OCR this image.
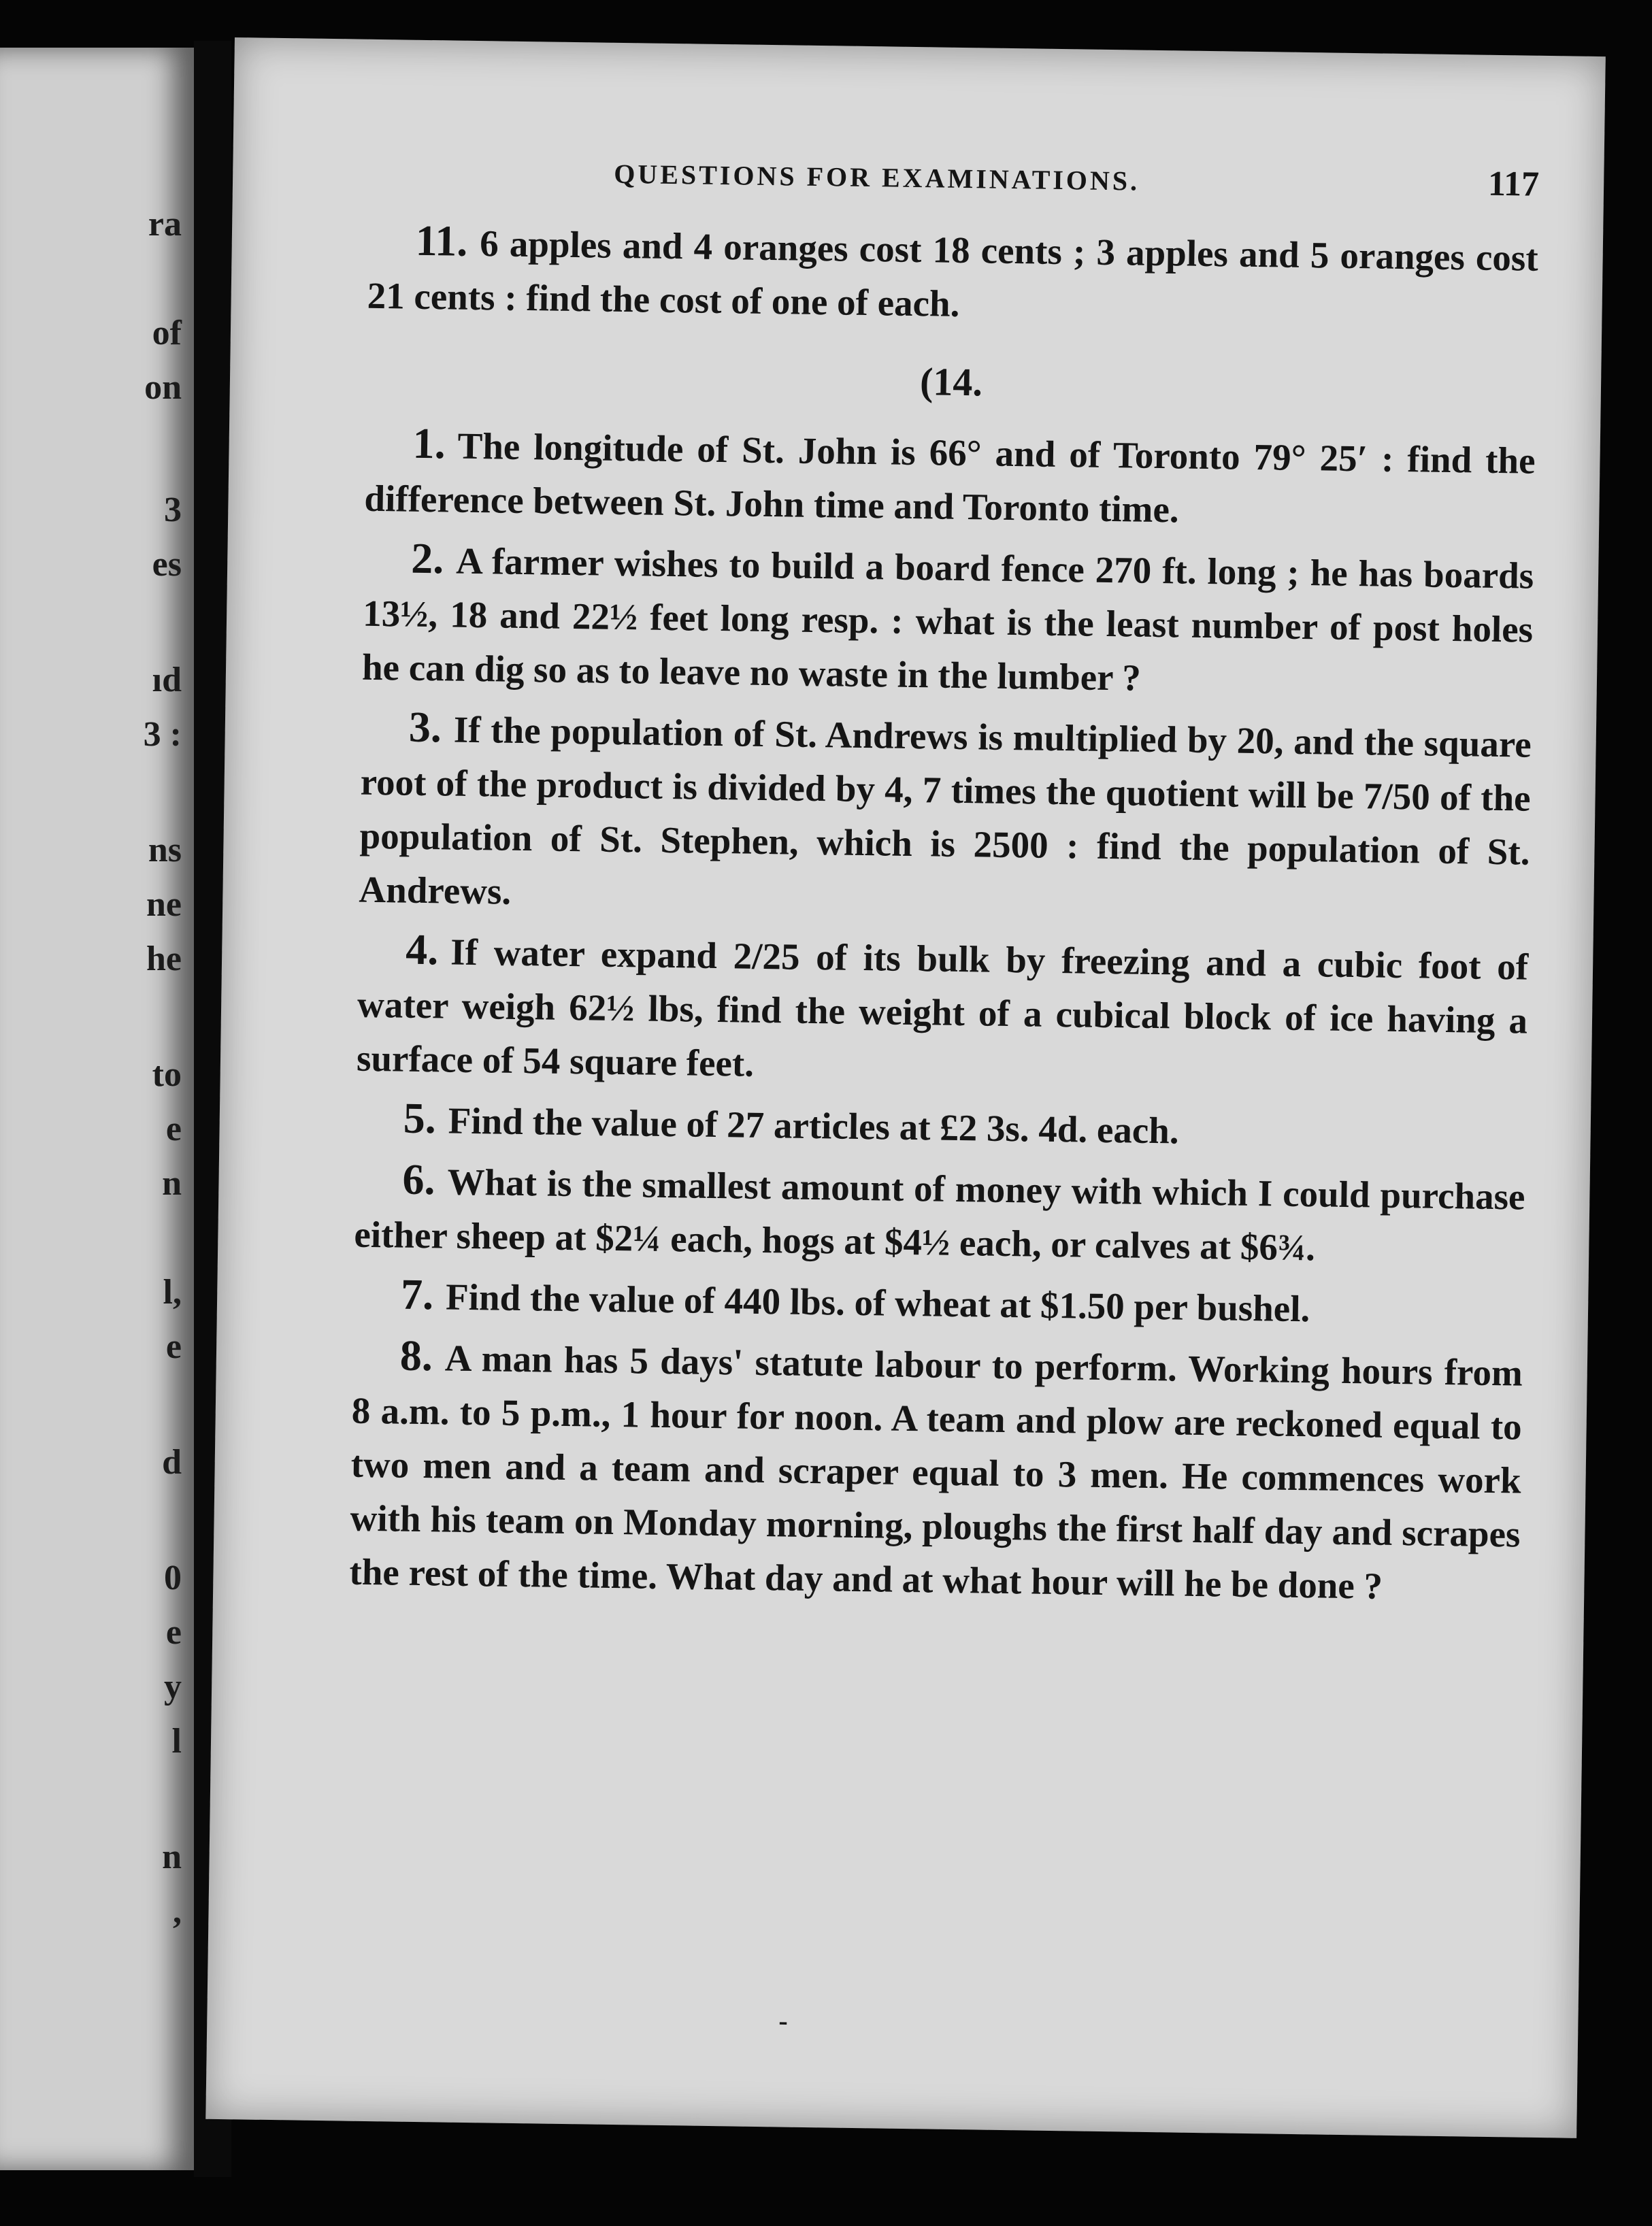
ra
of
on
3
es
ıd
3 :
ns
ne
he
to
e
n
l,
e
d
0
e
y
l
n
,
QUESTIONS FOR EXAMINATIONS.	117

11. 6 apples and 4 oranges cost 18 cents ; 3 apples and 5 oranges cost 21 cents : find the cost of one of each.

(14.

1. The longitude of St. John is 66° and of Toronto 79° 25′ : find the difference between St. John time and Toronto time.

2. A farmer wishes to build a board fence 270 ft. long ; he has boards 13½, 18 and 22½ feet long resp. : what is the least number of post holes he can dig so as to leave no waste in the lumber ?

3. If the population of St. Andrews is multiplied by 20, and the square root of the product is divided by 4, 7 times the quotient will be 7/50 of the population of St. Stephen, which is 2500 : find the population of St. Andrews.

4. If water expand 2/25 of its bulk by freezing and a cubic foot of water weigh 62½ lbs, find the weight of a cubical block of ice having a surface of 54 square feet.

5. Find the value of 27 articles at £2 3s. 4d. each.

6. What is the smallest amount of money with which I could purchase either sheep at $2¼ each, hogs at $4½ each, or calves at $6¾.

7. Find the value of 440 lbs. of wheat at $1.50 per bushel.

8. A man has 5 days' statute labour to perform. Working hours from 8 a.m. to 5 p.m., 1 hour for noon. A team and plow are reckoned equal to two men and a team and scraper equal to 3 men. He commences work with his team on Monday morning, ploughs the first half day and scrapes the rest of the time. What day and at what hour will he be done ?

-
